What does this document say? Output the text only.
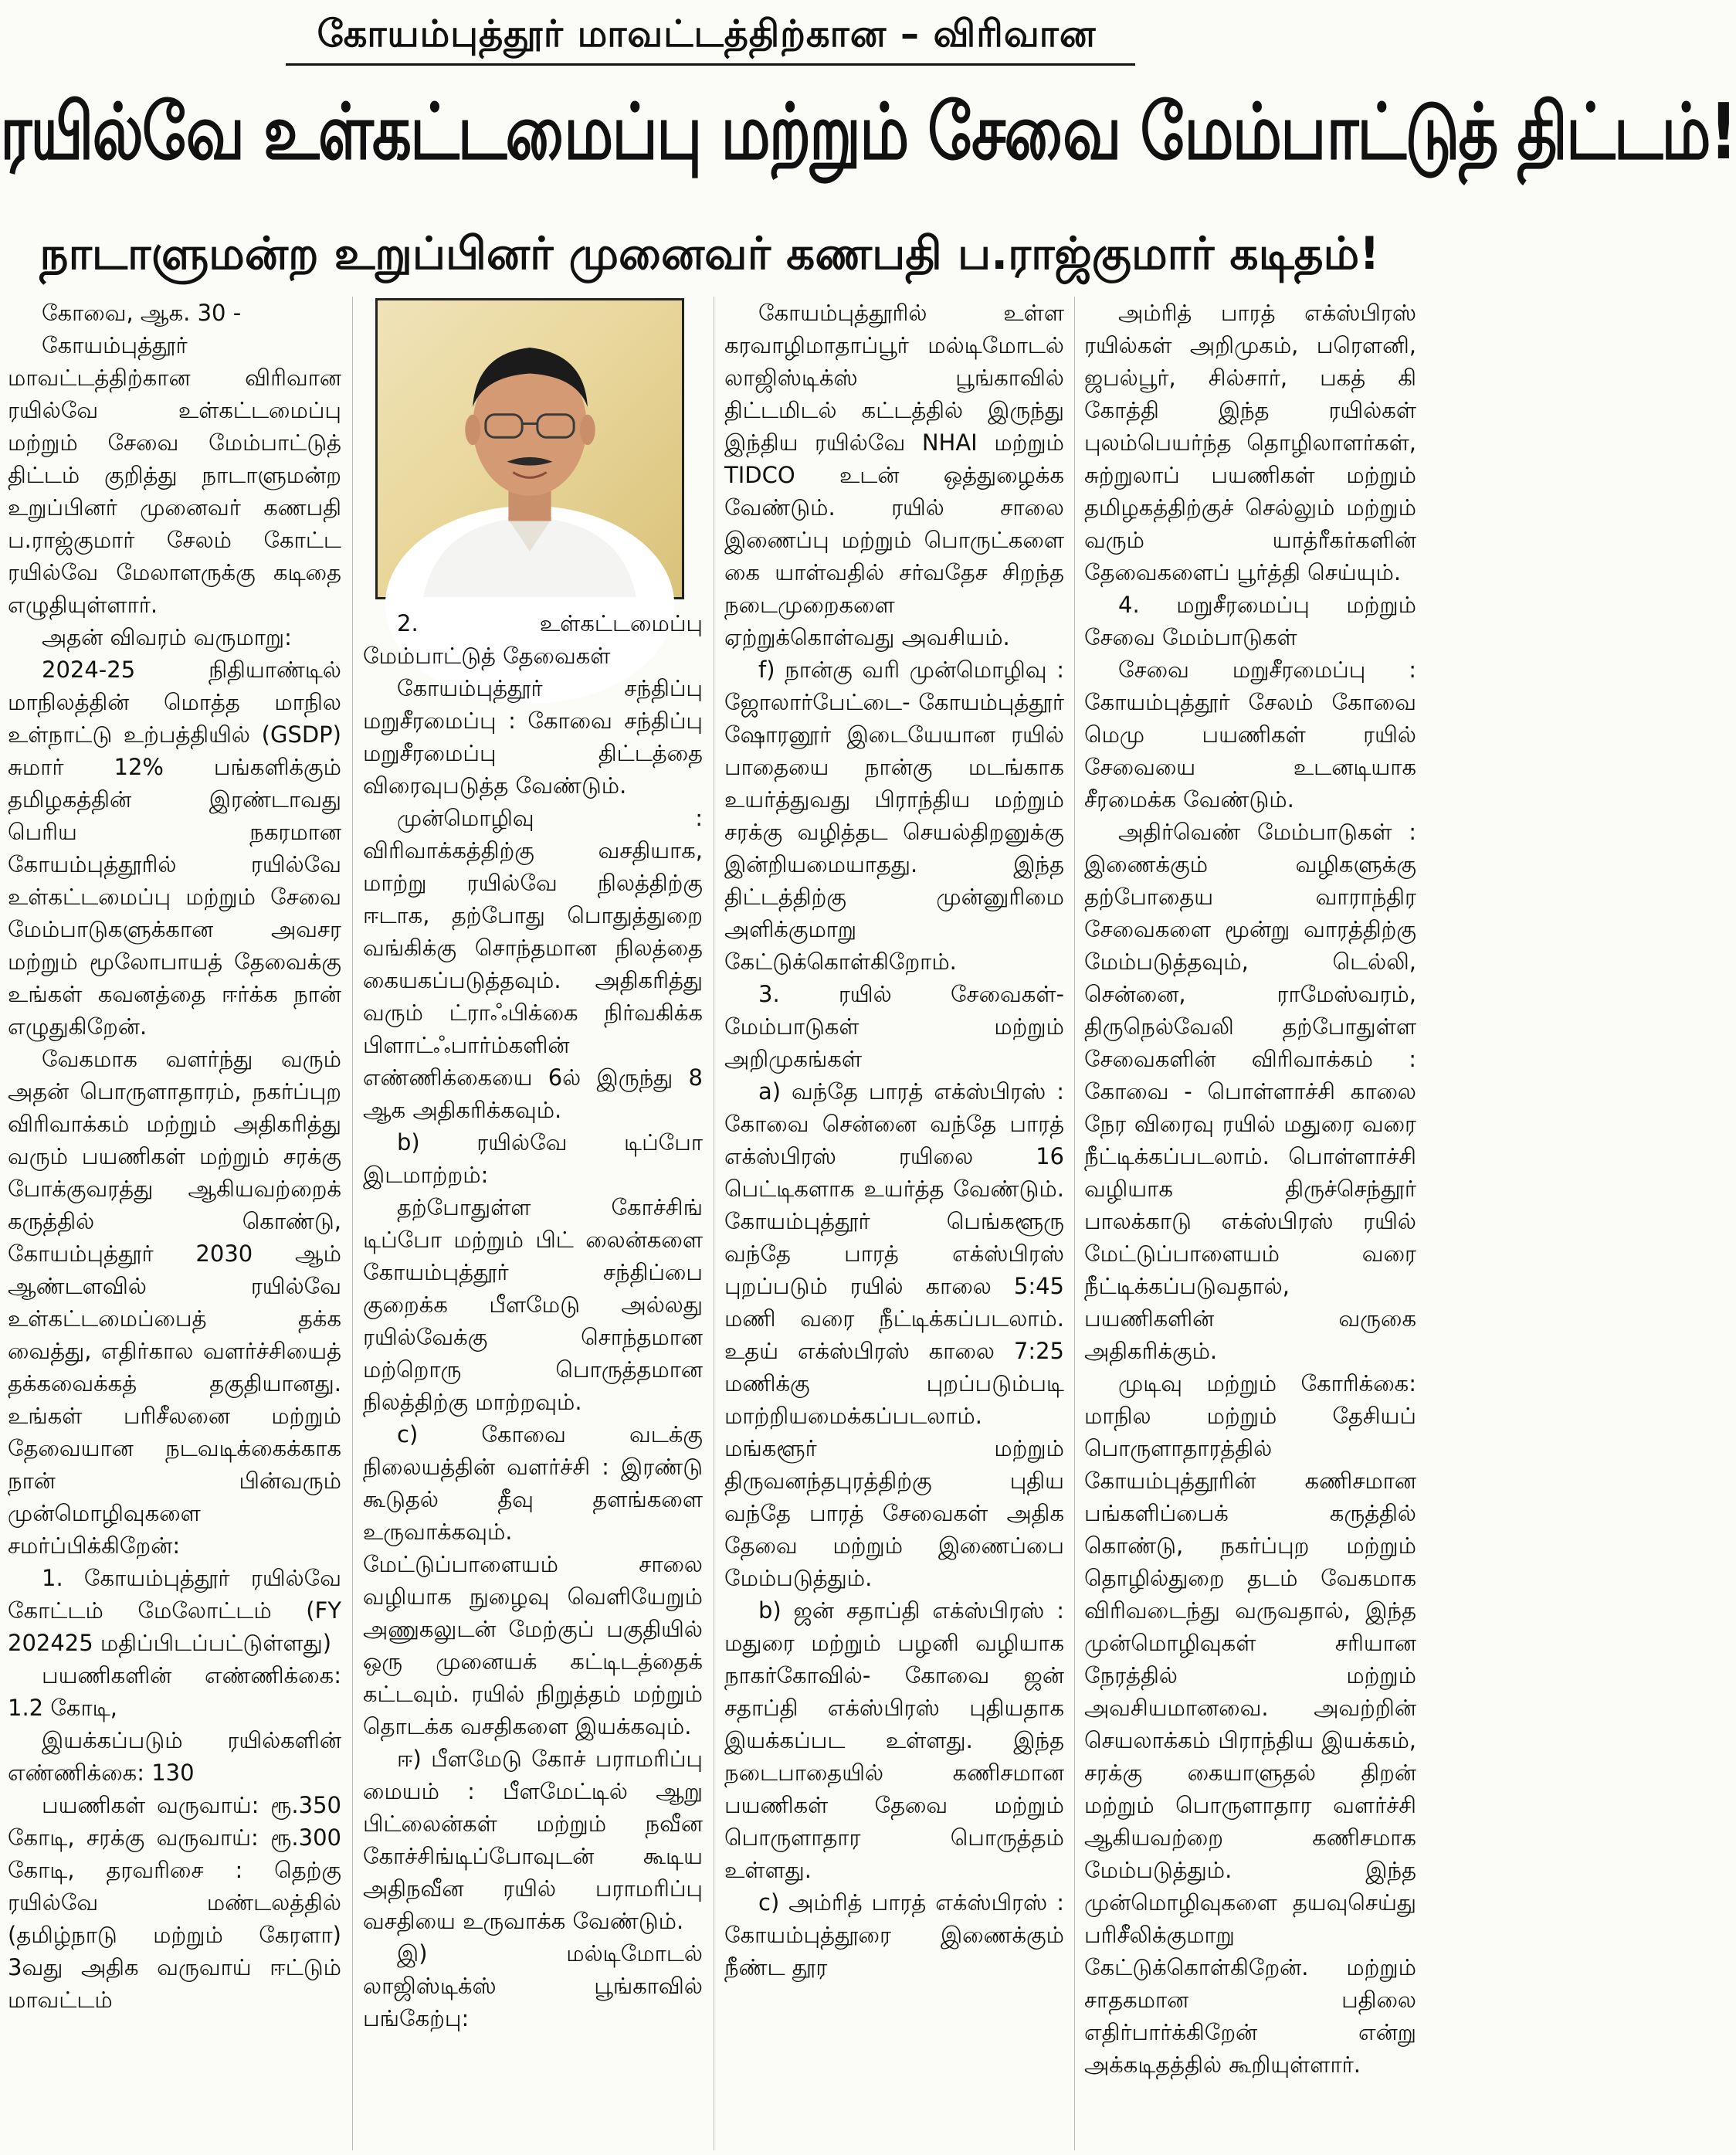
கோயம்புத்தூர் மாவட்டத்திற்கான – விரிவான
ரயில்வே உள்கட்டமைப்பு மற்றும் சேவை மேம்பாட்டுத் திட்டம்!
நாடாளுமன்ற உறுப்பினர் முனைவர் கணபதி ப.ராஜ்குமார் கடிதம்!

கோவை, ஆக. 30 -

கோயம்புத்தூர் மாவட்டத்திற்கான விரிவான ரயில்வே உள்கட்டமைப்பு மற்றும் சேவை மேம்பாட்டுத் திட்டம் குறித்து நாடாளுமன்ற உறுப்பினர் முனைவர் கணபதி ப.ராஜ்குமார் சேலம் கோட்ட ரயில்வே மேலாளருக்கு கடிதை எழுதியுள்ளார்.

அதன் விவரம் வருமாறு:

2024-25 நிதியாண்டில் மாநிலத்தின் மொத்த மாநில உள்நாட்டு உற்பத்தியில் (GSDP) சுமார் 12% பங்களிக்கும் தமிழகத்தின் இரண்டாவது பெரிய நகரமான கோயம்புத்தூரில் ரயில்வே உள்கட்டமைப்பு மற்றும் சேவை மேம்பாடுகளுக்கான அவசர மற்றும் மூலோபாயத் தேவைக்கு உங்கள் கவனத்தை ஈர்க்க நான் எழுதுகிறேன்.

வேகமாக வளர்ந்து வரும் அதன் பொருளாதாரம், நகர்ப்புற விரிவாக்கம் மற்றும் அதிகரித்து வரும் பயணிகள் மற்றும் சரக்கு போக்குவரத்து ஆகியவற்றைக் கருத்தில் கொண்டு, கோயம்புத்தூர் 2030 ஆம் ஆண்டளவில் ரயில்வே உள்கட்டமைப்பைத் தக்க வைத்து, எதிர்கால வளர்ச்சியைத் தக்கவைக்கத் தகுதியானது. உங்கள் பரிசீலனை மற்றும் தேவையான நடவடிக்கைக்காக நான் பின்வரும் முன்மொழிவுகளை சமர்ப்பிக்கிறேன்:

1. கோயம்புத்தூர் ரயில்வே கோட்டம் மேலோட்டம் (FY 202425 மதிப்பிடப்பட்டுள்ளது)

பயணிகளின் எண்ணிக்கை: 1.2 கோடி,

இயக்கப்படும் ரயில்களின் எண்ணிக்கை: 130

பயணிகள் வருவாய்: ரூ.350 கோடி, சரக்கு வருவாய்: ரூ.300 கோடி, தரவரிசை : தெற்கு ரயில்வே மண்டலத்தில் (தமிழ்நாடு மற்றும் கேரளா) 3வது அதிக வருவாய் ஈட்டும் மாவட்டம்

2. உள்கட்டமைப்பு மேம்பாட்டுத் தேவைகள்

கோயம்புத்தூர் சந்திப்பு மறுசீரமைப்பு : கோவை சந்திப்பு மறுசீரமைப்பு திட்டத்தை விரைவுபடுத்த வேண்டும்.

முன்மொழிவு : விரிவாக்கத்திற்கு வசதியாக, மாற்று ரயில்வே நிலத்திற்கு ஈடாக, தற்போது பொதுத்துறை வங்கிக்கு சொந்தமான நிலத்தை கையகப்படுத்தவும். அதிகரித்து வரும் ட்ராஃபிக்கை நிர்வகிக்க பிளாட்ஃபார்ம்களின் எண்ணிக்கையை 6ல் இருந்து 8 ஆக அதிகரிக்கவும்.

b) ரயில்வே டிப்போ இடமாற்றம்:

தற்போதுள்ள கோச்சிங் டிப்போ மற்றும் பிட் லைன்களை கோயம்புத்தூர் சந்திப்பை குறைக்க பீளமேடு அல்லது ரயில்வேக்கு சொந்தமான மற்றொரு பொருத்தமான நிலத்திற்கு மாற்றவும்.

c) கோவை வடக்கு நிலையத்தின் வளர்ச்சி : இரண்டு கூடுதல் தீவு தளங்களை உருவாக்கவும். மேட்டுப்பாளையம் சாலை வழியாக நுழைவு வெளியேறும் அணுகலுடன் மேற்குப் பகுதியில் ஒரு முனையக் கட்டிடத்தைக் கட்டவும். ரயில் நிறுத்தம் மற்றும் தொடக்க வசதிகளை இயக்கவும்.

ஈ) பீளமேடு கோச் பராமரிப்பு மையம் : பீளமேட்டில் ஆறு பிட்லைன்கள் மற்றும் நவீன கோச்சிங்டிப்போவுடன் கூடிய அதிநவீன ரயில் பராமரிப்பு வசதியை உருவாக்க வேண்டும்.

இ) மல்டிமோடல் லாஜிஸ்டிக்ஸ் பூங்காவில் பங்கேற்பு:

கோயம்புத்தூரில் உள்ள கரவாழிமாதாப்பூர் மல்டிமோடல் லாஜிஸ்டிக்ஸ் பூங்காவில் திட்டமிடல் கட்டத்தில் இருந்து இந்திய ரயில்வே NHAI மற்றும் TIDCO உடன் ஒத்துழைக்க வேண்டும். ரயில் சாலை இணைப்பு மற்றும் பொருட்களை கை யாள்வதில் சர்வதேச சிறந்த நடைமுறைகளை ஏற்றுக்கொள்வது அவசியம்.

f) நான்கு வரி முன்மொழிவு : ஜோலார்பேட்டை- கோயம்புத்தூர் ஷோரனூர் இடையேயான ரயில் பாதையை நான்கு மடங்காக உயர்த்துவது பிராந்திய மற்றும் சரக்கு வழித்தட செயல்திறனுக்கு இன்றியமையாதது. இந்த திட்டத்திற்கு முன்னுரிமை அளிக்குமாறு கேட்டுக்கொள்கிறோம்.

3. ரயில் சேவைகள்-மேம்பாடுகள் மற்றும் அறிமுகங்கள்

a) வந்தே பாரத் எக்ஸ்பிரஸ் : கோவை சென்னை வந்தே பாரத் எக்ஸ்பிரஸ் ரயிலை 16 பெட்டிகளாக உயர்த்த வேண்டும். கோயம்புத்தூர் பெங்களூரு வந்தே பாரத் எக்ஸ்பிரஸ் புறப்படும் ரயில் காலை 5:45 மணி வரை நீட்டிக்கப்படலாம். உதய் எக்ஸ்பிரஸ் காலை 7:25 மணிக்கு புறப்படும்படி மாற்றியமைக்கப்படலாம். மங்களூர் மற்றும் திருவனந்தபுரத்திற்கு புதிய வந்தே பாரத் சேவைகள் அதிக தேவை மற்றும் இணைப்பை மேம்படுத்தும்.

b) ஜன் சதாப்தி எக்ஸ்பிரஸ் : மதுரை மற்றும் பழனி வழியாக நாகர்கோவில்- கோவை ஜன் சதாப்தி எக்ஸ்பிரஸ் புதியதாக இயக்கப்பட உள்ளது. இந்த நடைபாதையில் கணிசமான பயணிகள் தேவை மற்றும் பொருளாதார பொருத்தம் உள்ளது.

c) அம்ரித் பாரத் எக்ஸ்பிரஸ் : கோயம்புத்தூரை இணைக்கும் நீண்ட தூர

அம்ரித் பாரத் எக்ஸ்பிரஸ் ரயில்கள் அறிமுகம், பரௌனி, ஜபல்பூர், சில்சார், பகத் கி கோத்தி இந்த ரயில்கள் புலம்பெயர்ந்த தொழிலாளர்கள், சுற்றுலாப் பயணிகள் மற்றும் தமிழகத்திற்குச் செல்லும் மற்றும் வரும் யாத்ரீகர்களின் தேவைகளைப் பூர்த்தி செய்யும்.

4. மறுசீரமைப்பு மற்றும் சேவை மேம்பாடுகள்

சேவை மறுசீரமைப்பு : கோயம்புத்தூர் சேலம் கோவை மெமு பயணிகள் ரயில் சேவையை உடனடியாக சீரமைக்க வேண்டும்.

அதிர்வெண் மேம்பாடுகள் : இணைக்கும் வழிகளுக்கு தற்போதைய வாராந்திர சேவைகளை மூன்று வாரத்திற்கு மேம்படுத்தவும், டெல்லி, சென்னை, ராமேஸ்வரம், திருநெல்வேலி தற்போதுள்ள சேவைகளின் விரிவாக்கம் : கோவை - பொள்ளாச்சி காலை நேர விரைவு ரயில் மதுரை வரை நீட்டிக்கப்படலாம். பொள்ளாச்சி வழியாக திருச்செந்தூர் பாலக்காடு எக்ஸ்பிரஸ் ரயில் மேட்டுப்பாளையம் வரை நீட்டிக்கப்படுவதால், பயணிகளின் வருகை அதிகரிக்கும்.

முடிவு மற்றும் கோரிக்கை: மாநில மற்றும் தேசியப் பொருளாதாரத்தில் கோயம்புத்தூரின் கணிசமான பங்களிப்பைக் கருத்தில் கொண்டு, நகர்ப்புற மற்றும் தொழில்துறை தடம் வேகமாக விரிவடைந்து வருவதால், இந்த முன்மொழிவுகள் சரியான நேரத்தில் மற்றும் அவசியமானவை. அவற்றின் செயலாக்கம் பிராந்திய இயக்கம், சரக்கு கையாளுதல் திறன் மற்றும் பொருளாதார வளர்ச்சி ஆகியவற்றை கணிசமாக மேம்படுத்தும். இந்த முன்மொழிவுகளை தயவுசெய்து பரிசீலிக்குமாறு கேட்டுக்கொள்கிறேன். மற்றும் சாதகமான பதிலை எதிர்பார்க்கிறேன் என்று அக்கடிதத்தில் கூறியுள்ளார்.
